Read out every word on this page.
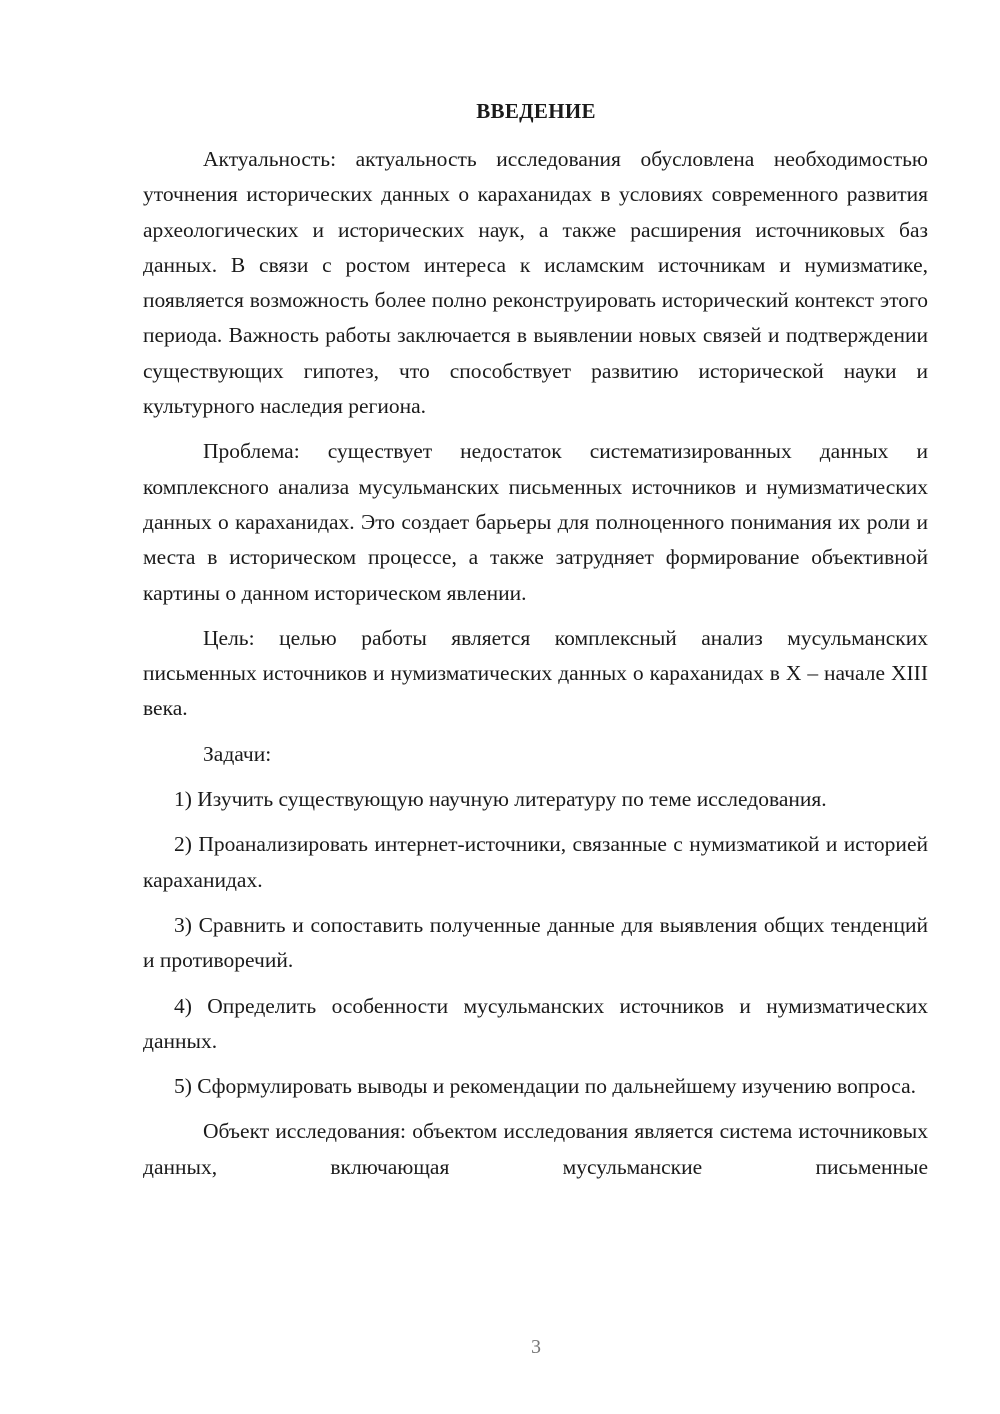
ВВЕДЕНИЕ

Актуальность: актуальность исследования обусловлена необходимостью уточнения исторических данных о караханидах в условиях современного развития археологических и исторических наук, а также расширения источниковых баз данных. В связи с ростом интереса к исламским источникам и нумизматике, появляется возможность более полно реконструировать исторический контекст этого периода. Важность работы заключается в выявлении новых связей и подтверждении существующих гипотез, что способствует развитию исторической науки и культурного наследия региона.

Проблема: существует недостаток систематизированных данных и комплексного анализа мусульманских письменных источников и нумизматических данных о караханидах. Это создает барьеры для полноценного понимания их роли и места в историческом процессе, а также затрудняет формирование объективной картины о данном историческом явлении.

Цель: целью работы является комплексный анализ мусульманских письменных источников и нумизматических данных о караханидах в X – начале XIII века.

Задачи:

1) Изучить существующую научную литературу по теме исследования.

2) Проанализировать интернет-источники, связанные с нумизматикой и историей караханидах.

3) Сравнить и сопоставить полученные данные для выявления общих тенденций и противоречий.

4) Определить особенности мусульманских источников и нумизматических данных.

5) Сформулировать выводы и рекомендации по дальнейшему изучению вопроса.

Объект исследования: объектом исследования является система источниковых данных, включающая мусульманские письменные

3
